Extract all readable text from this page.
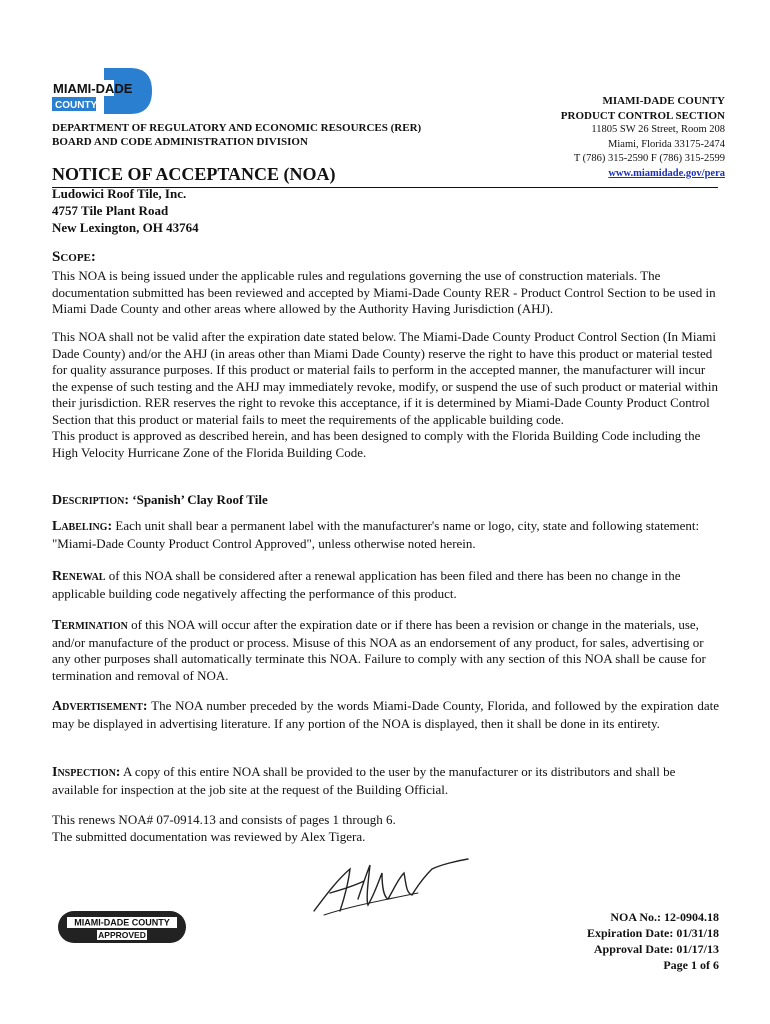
MIAMI-DADE
COUNTY
DEPARTMENT OF REGULATORY AND ECONOMIC RESOURCES (RER)
BOARD AND CODE ADMINISTRATION DIVISION
MIAMI-DADE COUNTY
PRODUCT CONTROL SECTION
11805 SW 26 Street, Room 208
Miami, Florida 33175-2474
T (786) 315-2590 F (786) 315-2599
www.miamidade.gov/pera
NOTICE OF ACCEPTANCE (NOA)
Ludowici Roof Tile, Inc.
4757 Tile Plant Road
New Lexington, OH 43764
Scope:

This NOA is being issued under the applicable rules and regulations governing the use of construction materials. The documentation submitted has been reviewed and accepted by Miami-Dade County RER - Product Control Section to be used in Miami Dade County and other areas where allowed by the Authority Having Jurisdiction (AHJ).

This NOA shall not be valid after the expiration date stated below. The Miami-Dade County Product Control Section (In Miami Dade County) and/or the AHJ (in areas other than Miami Dade County) reserve the right to have this product or material tested for quality assurance purposes. If this product or material fails to perform in the accepted manner, the manufacturer will incur the expense of such testing and the AHJ may immediately revoke, modify, or suspend the use of such product or material within their jurisdiction. RER reserves the right to revoke this acceptance, if it is determined by Miami-Dade County Product Control Section that this product or material fails to meet the requirements of the applicable building code.

This product is approved as described herein, and has been designed to comply with the Florida Building Code including the High Velocity Hurricane Zone of the Florida Building Code.

Description: ‘Spanish’ Clay Roof Tile
Labeling: Each unit shall bear a permanent label with the manufacturer's name or logo, city, state and following statement: "Miami-Dade County Product Control Approved", unless otherwise noted herein.
Renewal of this NOA shall be considered after a renewal application has been filed and there has been no change in the applicable building code negatively affecting the performance of this product.
Termination of this NOA will occur after the expiration date or if there has been a revision or change in the materials, use, and/or manufacture of the product or process. Misuse of this NOA as an endorsement of any product, for sales, advertising or any other purposes shall automatically terminate this NOA. Failure to comply with any section of this NOA shall be cause for termination and removal of NOA.
Advertisement: The NOA number preceded by the words Miami-Dade County, Florida, and followed by the expiration date may be displayed in advertising literature. If any portion of the NOA is displayed, then it shall be done in its entirety.
Inspection: A copy of this entire NOA shall be provided to the user by the manufacturer or its distributors and shall be available for inspection at the job site at the request of the Building Official.
This renews NOA# 07-0914.13 and consists of pages 1 through 6.
The submitted documentation was reviewed by Alex Tigera.
MIAMI-DADE COUNTY
APPROVED
NOA No.: 12-0904.18
Expiration Date: 01/31/18
Approval Date: 01/17/13
Page 1 of 6
